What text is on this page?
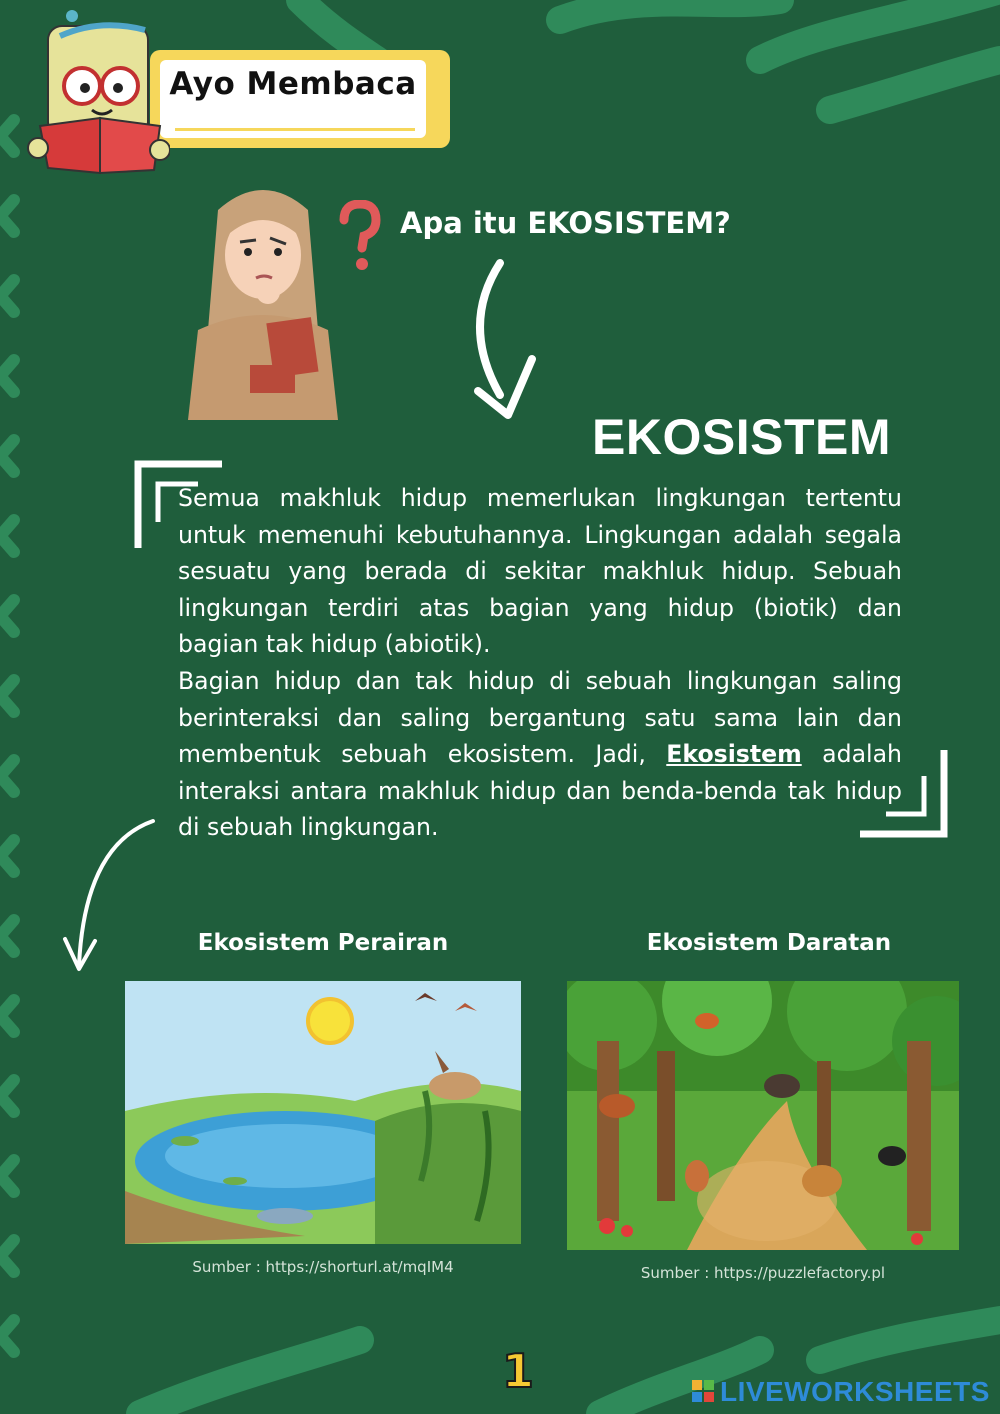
Ayo Membaca
Apa itu EKOSISTEM?
EKOSISTEM

Semua makhluk hidup memerlukan lingkungan tertentu untuk memenuhi kebutuhannya. Lingkungan adalah segala sesuatu yang berada di sekitar makhluk hidup. Sebuah lingkungan terdiri atas bagian yang hidup (biotik) dan bagian tak hidup (abiotik).

Bagian hidup dan tak hidup di sebuah lingkungan saling berinteraksi dan saling bergantung satu sama lain dan membentuk sebuah ekosistem. Jadi, Ekosistem adalah interaksi antara makhluk hidup dan benda-benda tak hidup di sebuah lingkungan.

Ekosistem Perairan
Sumber : https://shorturl.at/mqIM4
Ekosistem Daratan
Sumber : https://puzzlefactory.pl
1	LIVEWORKSHEETS
